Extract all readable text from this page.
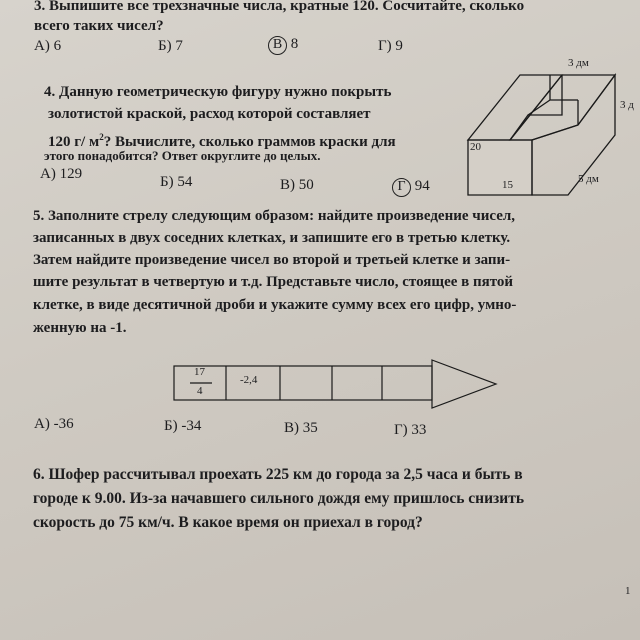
3. Выпишите все трехзначные числа, кратные 120. Сосчитайте, сколько
всего таких чисел?
А) 6	Б) 7	В 8	Г) 9
4. Данную геометрическую фигуру нужно покрыть
золотистой краской, расход которой составляет
120 г/ $м^2$? Вычислите, сколько граммов краски для
этого понадобится? Ответ округлите до целых.
А) 129	Б) 54	В) 50	Г 94
3 дм
3 д
20
5 дм
15
5. Заполните стрелу следующим образом: найдите произведение чисел,
записанных в двух соседних клетках, и запишите его в третью клетку.
Затем найдите произведение чисел во второй и третьей клетке и запи-
шите результат в четвертую и т.д. Представьте число, стоящее в пятой
клетке, в виде десятичной дроби и укажите сумму всех его цифр, умно-
женную на -1.
17
4
-2,4
А) -36	Б) -34	В) 35	Г) 33
6. Шофер рассчитывал проехать 225 км до города за 2,5 часа и быть в
городе к 9.00. Из-за начавшего сильного дождя ему пришлось снизить
скорость до 75 км/ч. В какое время он приехал в город?
1
